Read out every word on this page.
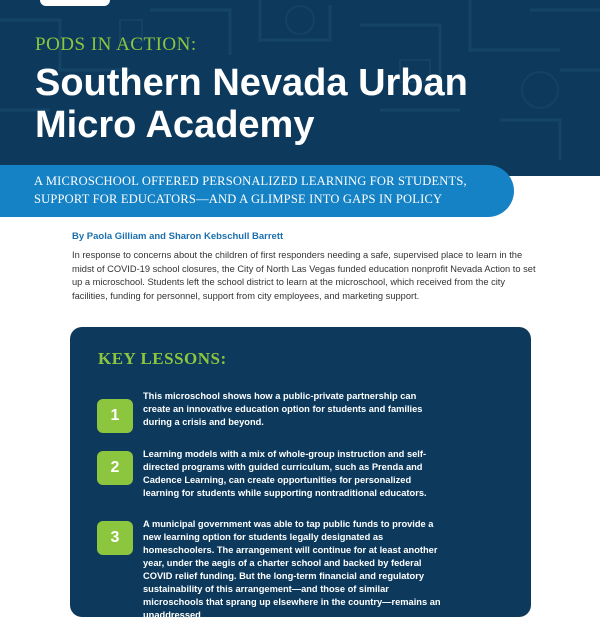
PODS IN ACTION:

Southern Nevada Urban Micro Academy

A MICROSCHOOL OFFERED PERSONALIZED LEARNING FOR STUDENTS, SUPPORT FOR EDUCATORS—AND A GLIMPSE INTO GAPS IN POLICY

By Paola Gilliam and Sharon Kebschull Barrett

In response to concerns about the children of first responders needing a safe, supervised place to learn in the midst of COVID-19 school closures, the City of North Las Vegas funded education nonprofit Nevada Action to set up a microschool. Students left the school district to learn at the microschool, which received from the city facilities, funding for personnel, support from city employees, and marketing support.

KEY LESSONS:
1

This microschool shows how a public-private partnership can create an innovative education option for students and families during a crisis and beyond.

2

Learning models with a mix of whole-group instruction and self-directed programs with guided curriculum, such as Prenda and Cadence Learning, can create opportunities for personalized learning for students while supporting nontraditional educators.

3

A municipal government was able to tap public funds to provide a new learning option for students legally designated as homeschoolers. The arrangement will continue for at least another year, under the aegis of a charter school and backed by federal COVID relief funding. But the long-term financial and regulatory sustainability of this arrangement—and those of similar microschools that sprang up elsewhere in the country—remains an unaddressed
